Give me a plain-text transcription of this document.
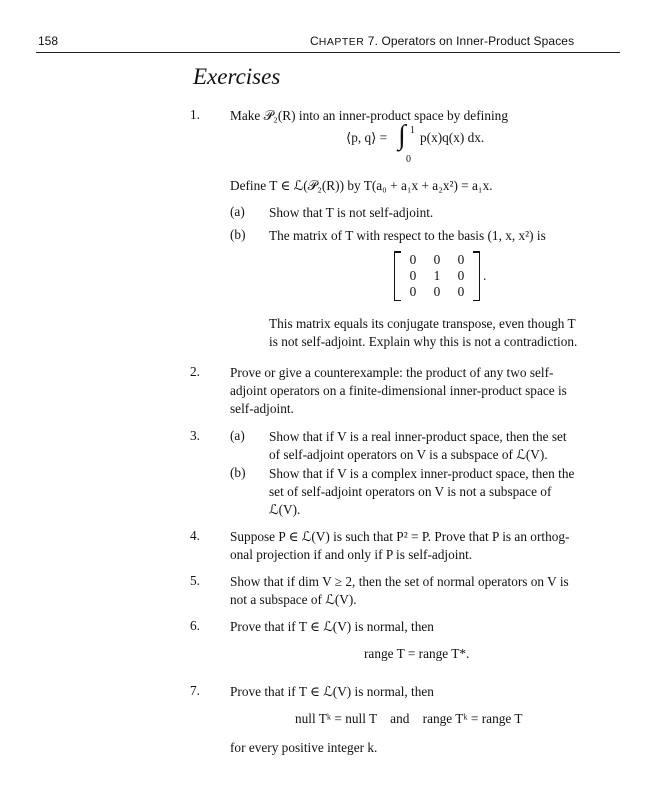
158	CHAPTER 7. Operators on Inner-Product Spaces
Exercises
1. Make 𝒫₂(R) into an inner-product space by defining
⟨p, q⟩ = ∫ 1
0
p(x)q(x) dx.
Define T ∈ ℒ(𝒫₂(R)) by T(a₀ + a₁x + a₂x²) = a₁x.
(a) Show that T is not self-adjoint.
(b) The matrix of T with respect to the basis (1, x, x²) is
0	0	0
0	1	0
0	0	0
.
This matrix equals its conjugate transpose, even though T
is not self-adjoint. Explain why this is not a contradiction.
2. Prove or give a counterexample: the product of any two self-
adjoint operators on a finite-dimensional inner-product space is
self-adjoint.
3. (a) Show that if V is a real inner-product space, then the set
of self-adjoint operators on V is a subspace of ℒ(V).
(b) Show that if V is a complex inner-product space, then the
set of self-adjoint operators on V is not a subspace of
ℒ(V).
4. Suppose P ∈ ℒ(V) is such that P² = P. Prove that P is an orthog-
onal projection if and only if P is self-adjoint.
5. Show that if dim V ≥ 2, then the set of normal operators on V is
not a subspace of ℒ(V).
6. Prove that if T ∈ ℒ(V) is normal, then
range T = range T*.
7. Prove that if T ∈ ℒ(V) is normal, then
null Tᵏ = null T    and    range Tᵏ = range T
for every positive integer k.
